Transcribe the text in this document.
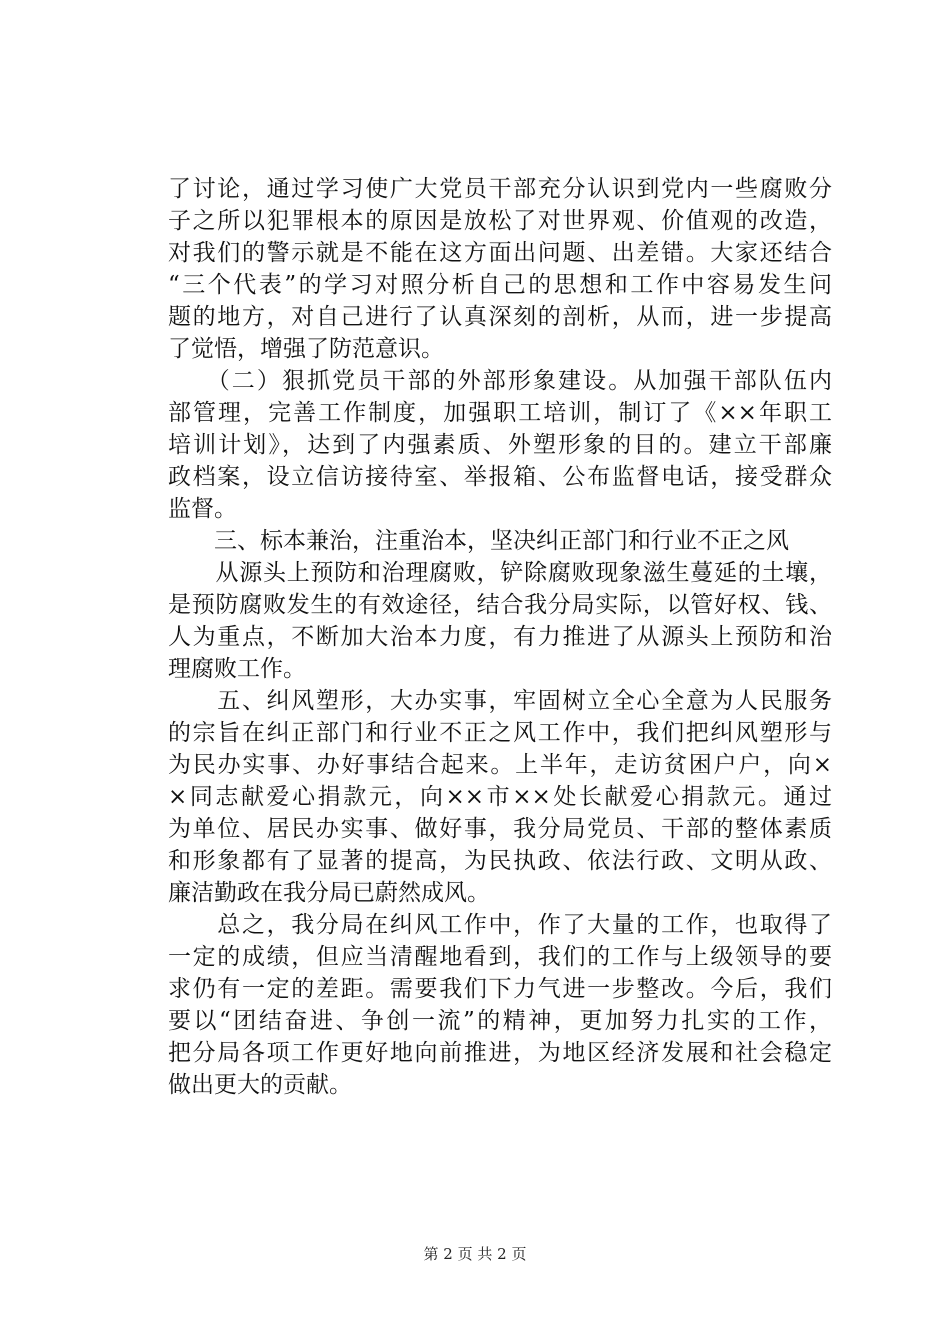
了讨论，通过学习使广大党员干部充分认识到党内一些腐败分
子之所以犯罪根本的原因是放松了对世界观、价值观的改造，
对我们的警示就是不能在这方面出问题、出差错。大家还结合
“三个代表”的学习对照分析自己的思想和工作中容易发生问
题的地方，对自己进行了认真深刻的剖析，从而，进一步提高
了觉悟，增强了防范意识。
　　（二）狠抓党员干部的外部形象建设。从加强干部队伍内
部管理，完善工作制度，加强职工培训，制订了《××年职工
培训计划》，达到了内强素质、外塑形象的目的。建立干部廉
政档案，设立信访接待室、举报箱、公布监督电话，接受群众
监督。
　　三、标本兼治，注重治本，坚决纠正部门和行业不正之风
　　从源头上预防和治理腐败，铲除腐败现象滋生蔓延的土壤，
是预防腐败发生的有效途径，结合我分局实际，以管好权、钱、
人为重点，不断加大治本力度，有力推进了从源头上预防和治
理腐败工作。
　　五、纠风塑形，大办实事，牢固树立全心全意为人民服务
的宗旨在纠正部门和行业不正之风工作中，我们把纠风塑形与
为民办实事、办好事结合起来。上半年，走访贫困户户，向×
×同志献爱心捐款元，向××市××处长献爱心捐款元。通过
为单位、居民办实事、做好事，我分局党员、干部的整体素质
和形象都有了显著的提高，为民执政、依法行政、文明从政、
廉洁勤政在我分局已蔚然成风。
　　总之，我分局在纠风工作中，作了大量的工作，也取得了
一定的成绩，但应当清醒地看到，我们的工作与上级领导的要
求仍有一定的差距。需要我们下力气进一步整改。今后，我们
要以“团结奋进、争创一流”的精神，更加努力扎实的工作，
把分局各项工作更好地向前推进，为地区经济发展和社会稳定
做出更大的贡献。
第 2 页 共 2 页
